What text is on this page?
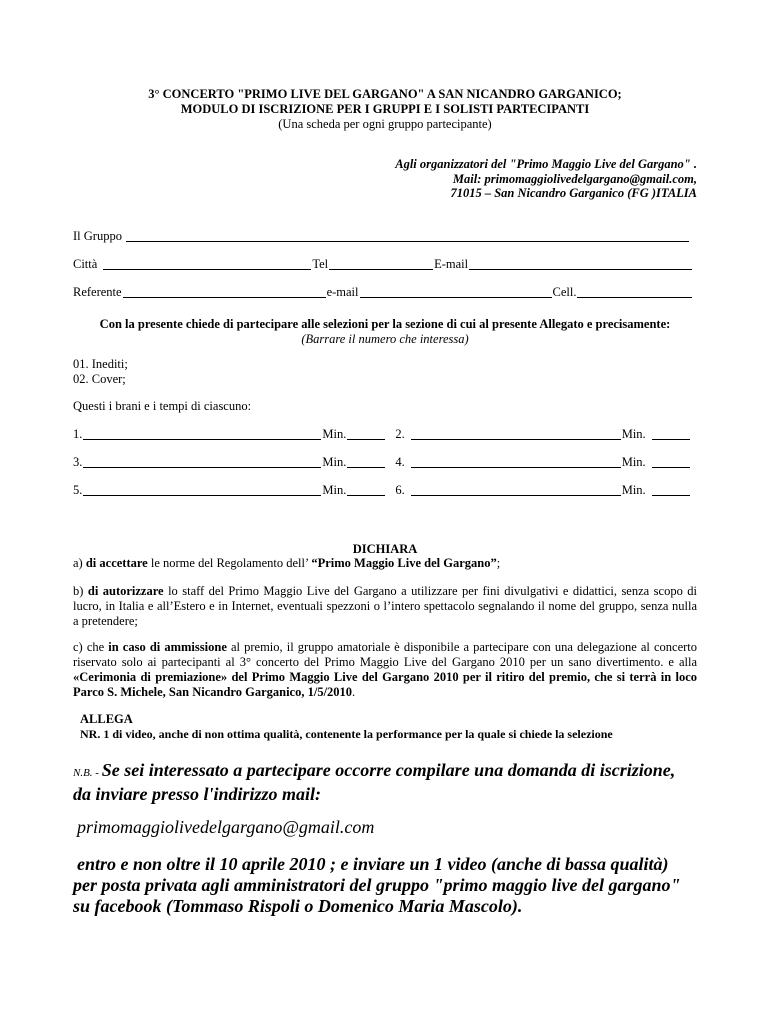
3° CONCERTO "PRIMO LIVE DEL GARGANO" A SAN NICANDRO GARGANICO;
MODULO DI ISCRIZIONE PER I GRUPPI E I SOLISTI PARTECIPANTI
(Una scheda per ogni gruppo partecipante)
Agli organizzatori del "Primo Maggio Live del Gargano" .
Mail: primomaggiolivedelgargano@gmail.com,
71015 – San Nicandro Garganico (FG )ITALIA
Il Gruppo
Città	Tel	E-mail
Referente	e-mail	Cell.
Con la presente chiede di partecipare alle selezioni per la sezione di cui al presente Allegato e precisamente:
(Barrare il numero che interessa)
01. Inediti;
02. Cover;
Questi i brani e i tempi di ciascuno:
1.	Min.	2.	Min.
3.	Min.	4.	Min.
5.	Min.	6.	Min.
DICHIARA
a) di accettare le norme del Regolamento dell’ “Primo Maggio Live del Gargano”;
b) di autorizzare lo staff del Primo Maggio Live del Gargano a utilizzare per fini divulgativi e didattici, senza scopo di lucro, in Italia e all’Estero e in Internet, eventuali spezzoni o l’intero spettacolo segnalando il nome del gruppo, senza nulla a pretendere;
c) che in caso di ammissione al premio, il gruppo amatoriale è disponibile a partecipare con una delegazione al concerto riservato solo ai partecipanti al 3° concerto del Primo Maggio Live del Gargano 2010 per un sano divertimento. e alla «Cerimonia di premiazione» del Primo Maggio Live del Gargano 2010 per il ritiro del premio, che si terrà in loco Parco S. Michele, San Nicandro Garganico, 1/5/2010.
ALLEGA
NR. 1 di video, anche di non ottima qualità, contenente la performance per la quale si chiede la selezione
N.B. - Se sei interessato a partecipare occorre compilare una domanda di iscrizione,
da inviare presso l'indirizzo mail:
primomaggiolivedelgargano@gmail.com
entro e non oltre il 10 aprile 2010 ; e inviare un 1 video (anche di bassa qualità)
per posta privata agli amministratori del gruppo "primo maggio live del gargano"
su facebook (Tommaso Rispoli o Domenico Maria Mascolo).
